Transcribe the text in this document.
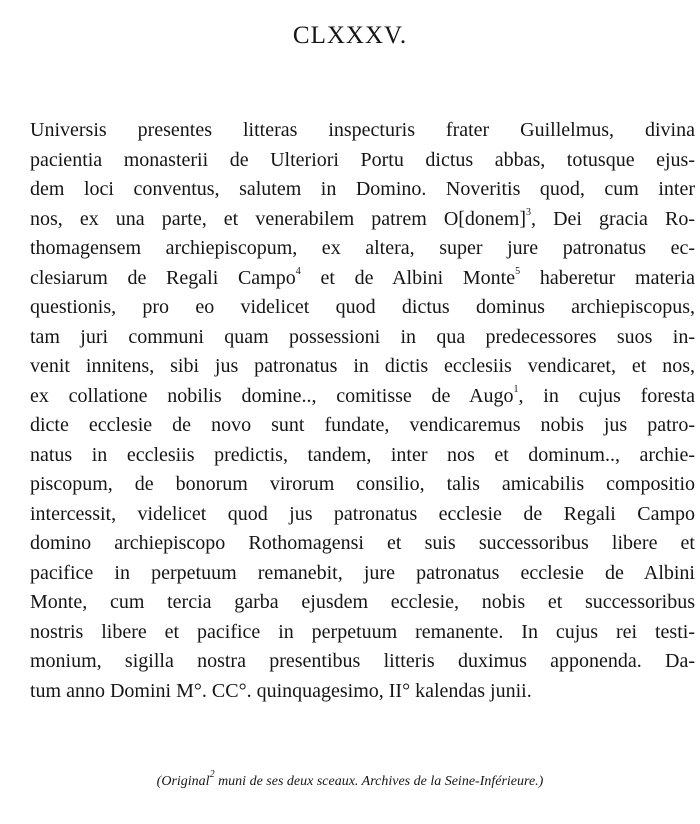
CLXXXV.
Universis presentes litteras inspecturis frater Guillelmus, divina
pacientia monasterii de Ulteriori Portu dictus abbas, totusque ejus-
dem loci conventus, salutem in Domino. Noveritis quod, cum inter
nos, ex una parte, et venerabilem patrem O[donem]$^3$, Dei gracia Ro-
thomagensem archiepiscopum, ex altera, super jure patronatus ec-
clesiarum de Regali Campo$^4$ et de Albini Monte$^5$ haberetur materia
questionis, pro eo videlicet quod dictus dominus archiepiscopus,
tam juri communi quam possessioni in qua predecessores suos in-
venit innitens, sibi jus patronatus in dictis ecclesiis vendicaret, et nos,
ex collatione nobilis domine.., comitisse de Augo$^1$, in cujus foresta
dicte ecclesie de novo sunt fundate, vendicaremus nobis jus patro-
natus in ecclesiis predictis, tandem, inter nos et dominum.., archie-
piscopum, de bonorum virorum consilio, talis amicabilis compositio
intercessit, videlicet quod jus patronatus ecclesie de Regali Campo
domino archiepiscopo Rothomagensi et suis successoribus libere et
pacifice in perpetuum remanebit, jure patronatus ecclesie de Albini
Monte, cum tercia garba ejusdem ecclesie, nobis et successoribus
nostris libere et pacifice in perpetuum remanente. In cujus rei testi-
monium, sigilla nostra presentibus litteris duximus apponenda. Da-
tum anno Domini M°. CC°. quinquagesimo, II° kalendas junii.
(Original$^2$ muni de ses deux sceaux. Archives de la Seine-Inférieure.)
